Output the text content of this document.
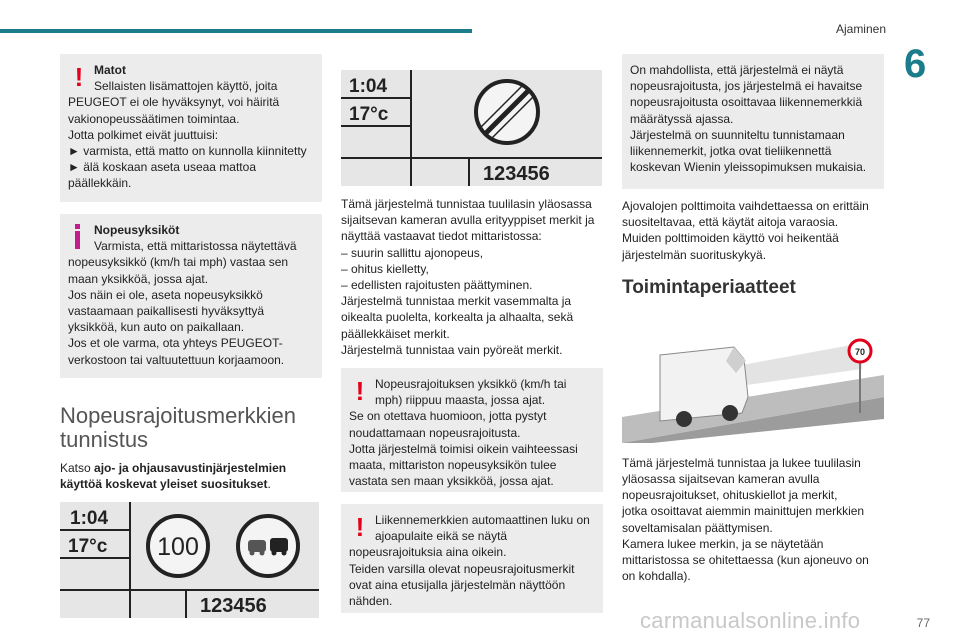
Ajaminen
6
! Matot
Sellaisten lisämattojen käyttö, joita
PEUGEOT ei ole hyväksynyt, voi häiritä
vakionopeussäätimen toimintaa.
Jotta polkimet eivät juuttuisi:
► varmista, että matto on kunnolla kiinnitetty
► älä koskaan aseta useaa mattoa
päällekkäin.
Nopeusyksiköt
Varmista, että mittaristossa näytettävä
nopeusyksikkö (km/h tai mph) vastaa sen
maan yksikköä, jossa ajat.
Jos näin ei ole, aseta nopeusyksikkö
vastaamaan paikallisesti hyväksyttyä
yksikköä, kun auto on paikallaan.
Jos et ole varma, ota yhteys PEUGEOT-
verkostoon tai valtuutettuun korjaamoon.

Nopeusrajoitusmerkkien

tunnistus

Katso ajo- ja ohjausavustinjärjestelmien
käyttöä koskevat yleiset suositukset.
1:04
17°c 100
123456
1:04
17°c
123456
Tämä järjestelmä tunnistaa tuulilasin yläosassa
sijaitsevan kameran avulla erityyppiset merkit ja
näyttää vastaavat tiedot mittaristossa:
– suurin sallittu ajonopeus,
– ohitus kielletty,
– edellisten rajoitusten päättyminen.
Järjestelmä tunnistaa merkit vasemmalta ja
oikealta puolelta, korkealta ja alhaalta, sekä
päällekkäiset merkit.
Järjestelmä tunnistaa vain pyöreät merkit.
! Nopeusrajoituksen yksikkö (km/h tai
mph) riippuu maasta, jossa ajat.
Se on otettava huomioon, jotta pystyt
noudattamaan nopeusrajoitusta.
Jotta järjestelmä toimisi oikein vaihteessasi
maata, mittariston nopeusyksikön tulee
vastata sen maan yksikköä, jossa ajat.
! Liikennemerkkien automaattinen luku on
ajoapulaite eikä se näytä
nopeusrajoituksia aina oikein.
Teiden varsilla olevat nopeusrajoitusmerkit
ovat aina etusijalla järjestelmän näyttöön
nähden.
On mahdollista, että järjestelmä ei näytä
nopeusrajoitusta, jos järjestelmä ei havaitse
nopeusrajoitusta osoittavaa liikennemerkkiä
määrätyssä ajassa.
Järjestelmä on suunniteltu tunnistamaan
liikennemerkit, jotka ovat tieliikennettä
koskevan Wienin yleissopimuksen mukaisia.
Ajovalojen polttimoita vaihdettaessa on erittäin
suositeltavaa, että käytät aitoja varaosia.
Muiden polttimoiden käyttö voi heikentää
järjestelmän suorituskykyä.

Toimintaperiaatteet

70
Tämä järjestelmä tunnistaa ja lukee tuulilasin
yläosassa sijaitsevan kameran avulla
nopeusrajoitukset, ohituskiellot ja merkit,
jotka osoittavat aiemmin mainittujen merkkien
soveltamisalan päättymisen.
Kamera lukee merkin, ja se näytetään
mittaristossa se ohitettaessa (kun ajoneuvo on
on kohdalla).
carmanualsonline.info	77
